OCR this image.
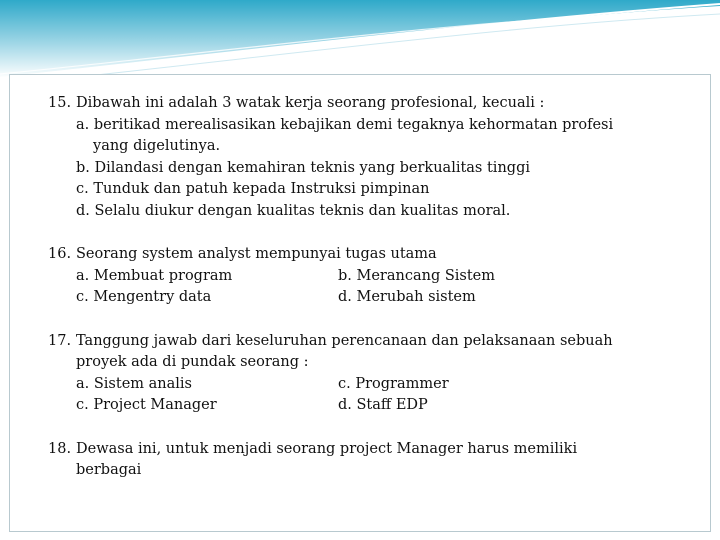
15. Dibawah ini adalah 3 watak kerja seorang profesional, kecuali :
a. beritikad merealisasikan kebajikan demi tegaknya kehormatan profesi
yang digelutinya.
b. Dilandasi dengan kemahiran teknis yang berkualitas tinggi
c. Tunduk dan patuh kepada Instruksi pimpinan
d. Selalu diukur dengan kualitas teknis dan kualitas moral.
16. Seorang system analyst mempunyai tugas utama
a. Membuat program	b. Merancang Sistem
c. Mengentry data	d. Merubah sistem
17. Tanggung jawab dari keseluruhan perencanaan dan pelaksanaan sebuah
proyek ada di pundak seorang :
a. Sistem analis	c. Programmer
c. Project Manager	d. Staff EDP
18. Dewasa ini, untuk menjadi seorang project Manager harus memiliki
berbagai
